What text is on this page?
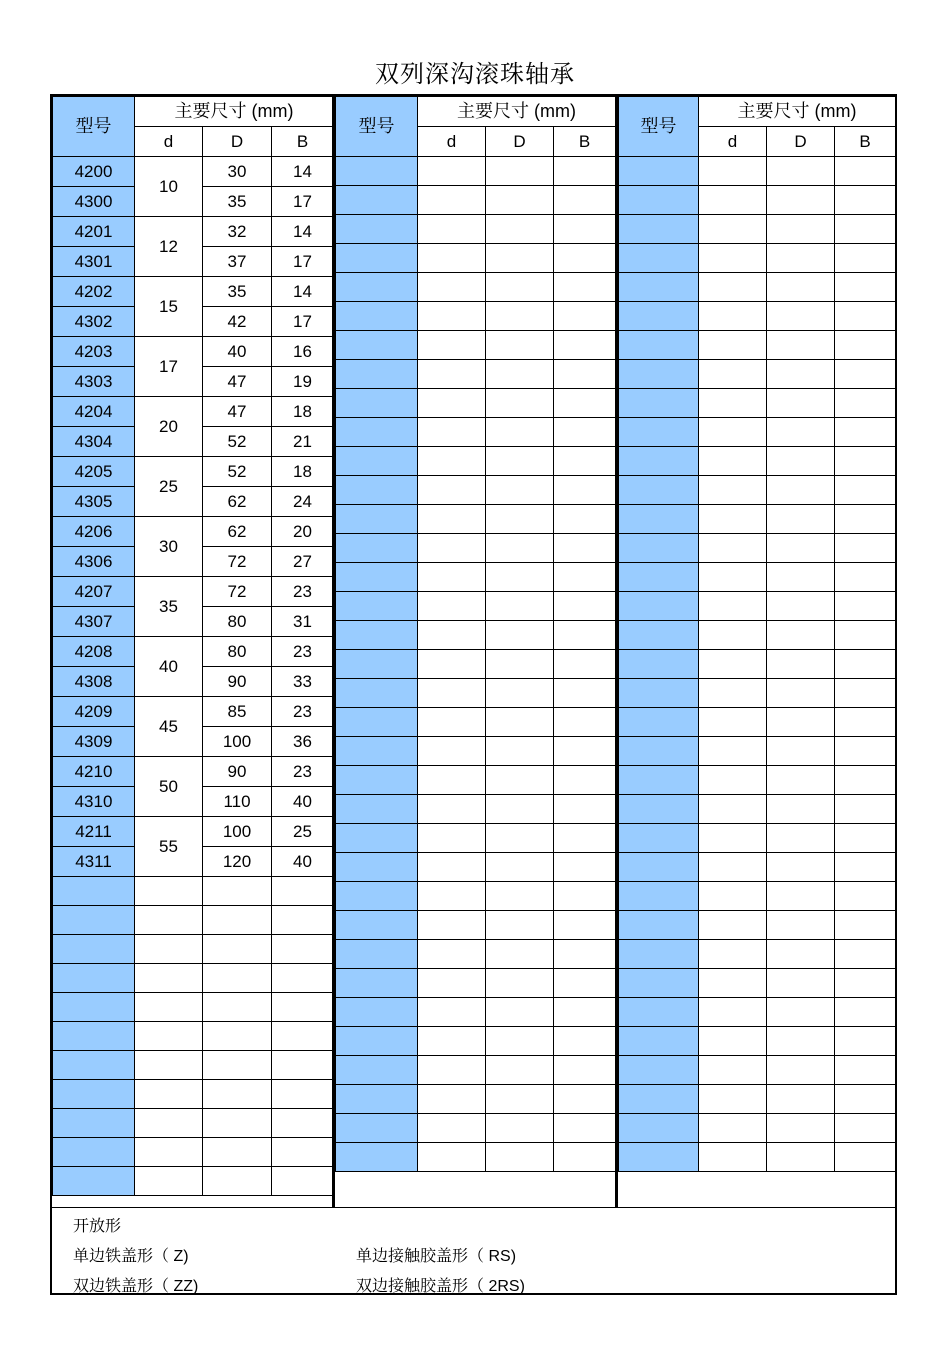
双列深沟滚珠轴承
型号	主要尺寸 (mm)		
	d	D	B
4200	10	30	14
4300		35	17
4201	12	32	14
4301		37	17
4202	15	35	14
4302		42	17
4203	17	40	16
4303		47	19
4204	20	47	18
4304		52	21
4205	25	52	18
4305		62	24
4206	30	62	20
4306		72	27
4207	35	72	23
4307		80	31
4208	40	80	23
4308		90	33
4209	45	85	23
4309		100	36
4210	50	90	23
4310		110	40
4211	55	100	25
4311		120	40

型号	主要尺寸 (mm)		
	d	D	B

型号	主要尺寸 (mm)		
	d	D	B

开放形
单边铁盖形（ Z)
双边铁盖形（ ZZ)
单边接触胶盖形（ RS)
双边接触胶盖形（ 2RS)
